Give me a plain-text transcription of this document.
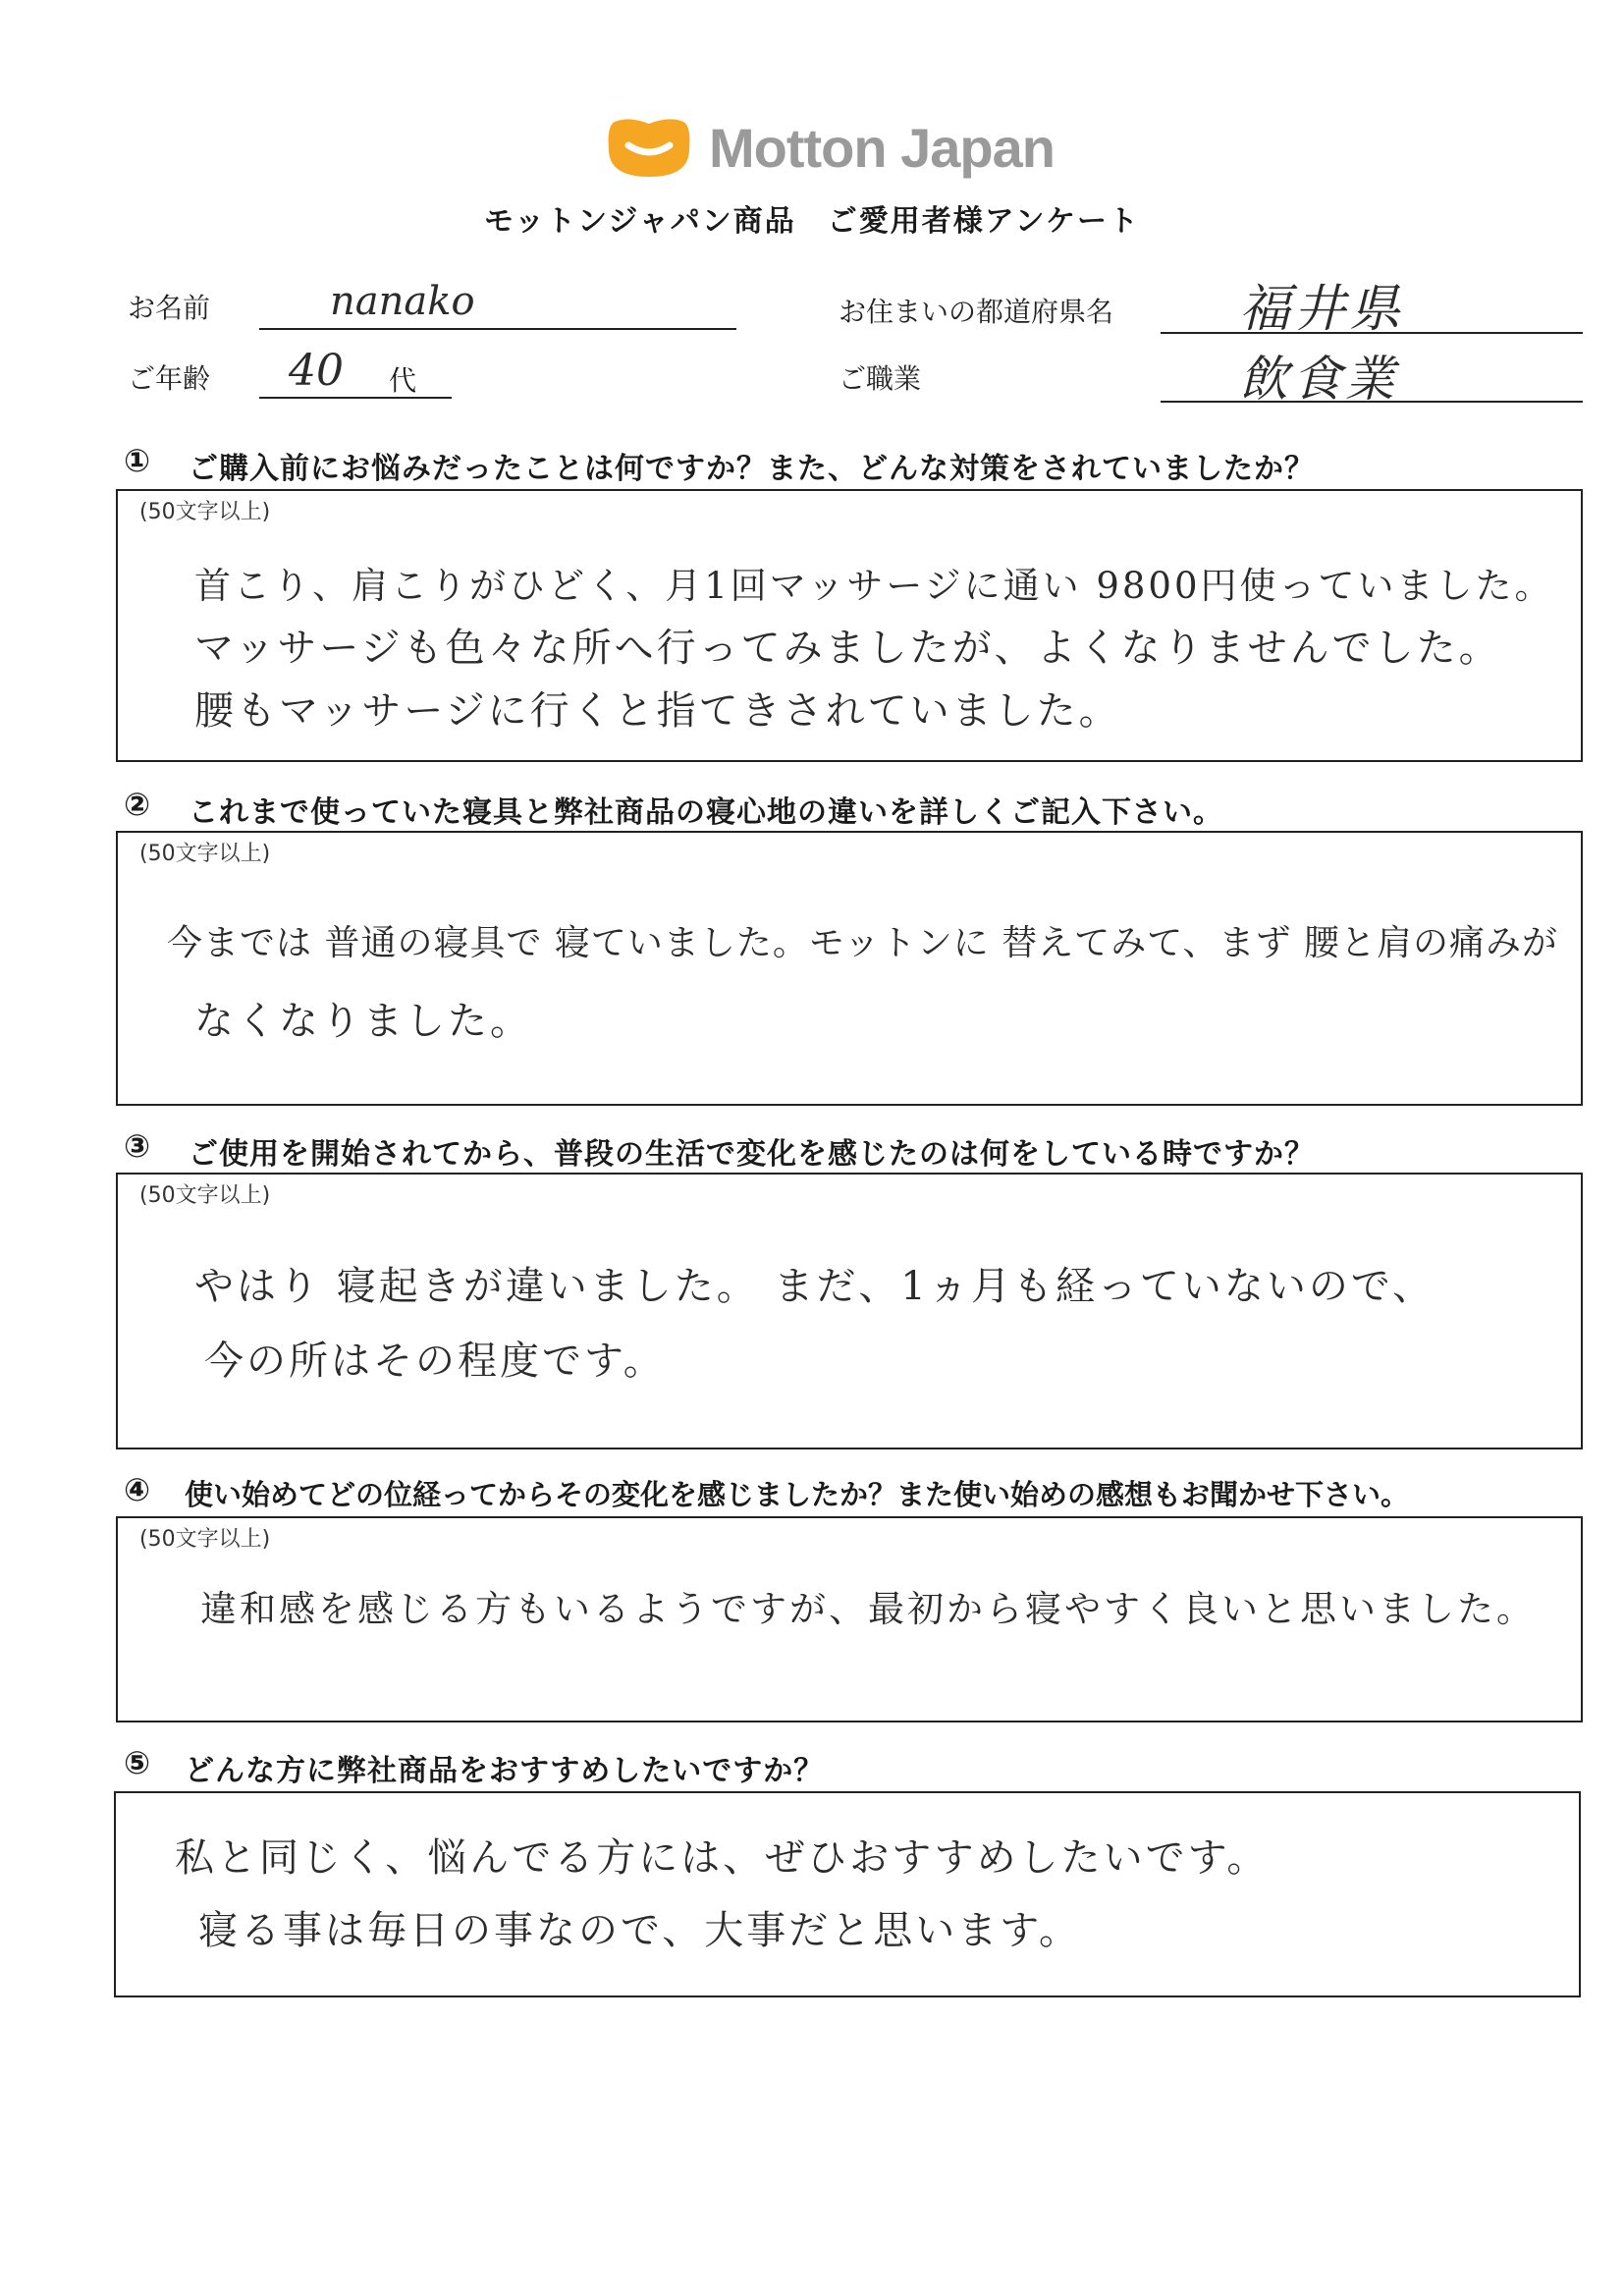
Motton Japan
モットンジャパン商品　ご愛用者様アンケート
お名前	nanako
ご年齢 40 代
お住まいの都道府県名 福井県
ご職業	飲食業
① ご購入前にお悩みだったことは何ですか？また、どんな対策をされていましたか？
(50文字以上)
首こり、肩こりがひどく、月1回マッサージに通い 9800円使っていました。
マッサージも色々な所へ行ってみましたが、よくなりませんでした。
腰もマッサージに行くと指てきされていました。
② これまで使っていた寝具と弊社商品の寝心地の違いを詳しくご記入下さい。
(50文字以上)
今までは 普通の寝具で 寝ていました。モットンに 替えてみて、まず 腰と肩の痛みが
なくなりました。
③ ご使用を開始されてから、普段の生活で変化を感じたのは何をしている時ですか？
(50文字以上)
やはり 寝起きが違いました。 まだ、1ヵ月も経っていないので、
今の所はその程度です。
④ 使い始めてどの位経ってからその変化を感じましたか？また使い始めの感想もお聞かせ下さい。
(50文字以上)
違和感を感じる方もいるようですが、最初から寝やすく良いと思いました。
⑤ どんな方に弊社商品をおすすめしたいですか？
私と同じく、悩んでる方には、ぜひおすすめしたいです。
寝る事は毎日の事なので、大事だと思います。
